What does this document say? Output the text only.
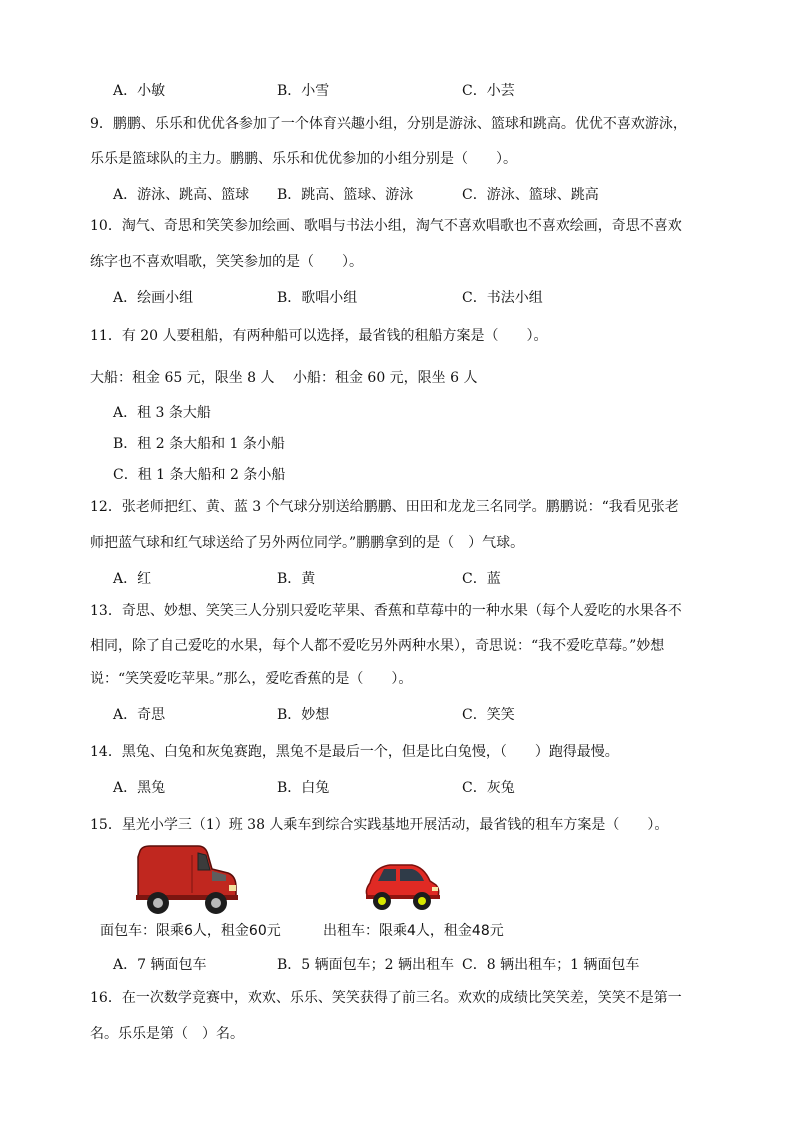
A．小敏	B．小雪	C．小芸
9．鹏鹏、乐乐和优优各参加了一个体育兴趣小组，分别是游泳、篮球和跳高。优优不喜欢游泳，
乐乐是篮球队的主力。鹏鹏、乐乐和优优参加的小组分别是（　　）。
A．游泳、跳高、篮球 B．跳高、篮球、游泳	C．游泳、篮球、跳高
10．淘气、奇思和笑笑参加绘画、歌唱与书法小组，淘气不喜欢唱歌也不喜欢绘画，奇思不喜欢
练字也不喜欢唱歌，笑笑参加的是（　　）。
A．绘画小组	B．歌唱小组	C．书法小组
11．有 20 人要租船，有两种船可以选择，最省钱的租船方案是（　　）。
大船：租金 65 元，限坐 8 人　 小船：租金 60 元，限坐 6 人
A．租 3 条大船
B．租 2 条大船和 1 条小船
C．租 1 条大船和 2 条小船
12．张老师把红、黄、蓝 3 个气球分别送给鹏鹏、田田和龙龙三名同学。鹏鹏说：“我看见张老
师把蓝气球和红气球送给了另外两位同学。”鹏鹏拿到的是（　）气球。
A．红	B．黄	C．蓝
13．奇思、妙想、笑笑三人分别只爱吃苹果、香蕉和草莓中的一种水果（每个人爱吃的水果各不
相同，除了自己爱吃的水果，每个人都不爱吃另外两种水果），奇思说：“我不爱吃草莓。”妙想
说：“笑笑爱吃苹果。”那么，爱吃香蕉的是（　　）。
A．奇思	B．妙想	C．笑笑
14．黑兔、白兔和灰兔赛跑，黑兔不是最后一个，但是比白兔慢，（　　）跑得最慢。
A．黑兔	B．白兔	C．灰兔
15．星光小学三（1）班 38 人乘车到综合实践基地开展活动，最省钱的租车方案是（　　）。
面包车：限乘6人，租金60元	出租车：限乘4人，租金48元
A．7 辆面包车	B．5 辆面包车；2 辆出租车 C．8 辆出租车；1 辆面包车
16．在一次数学竞赛中，欢欢、乐乐、笑笑获得了前三名。欢欢的成绩比笑笑差，笑笑不是第一
名。乐乐是第（　）名。
